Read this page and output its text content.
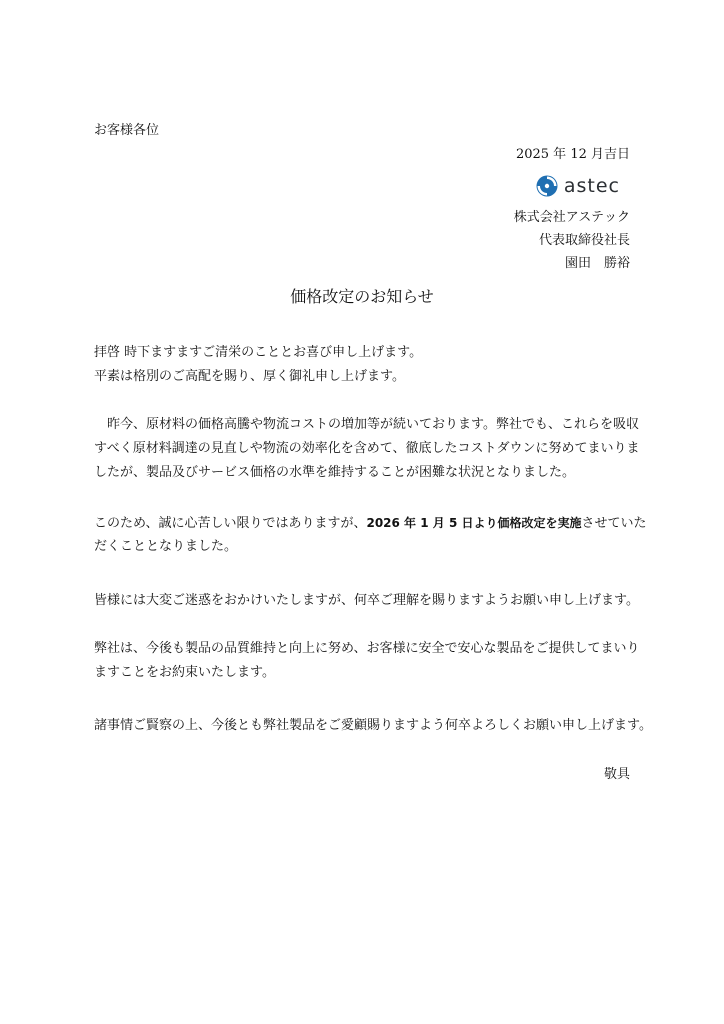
お客様各位
2025 年 12 月吉日
astec
株式会社アステック
代表取締役社長
園田　勝裕
価格改定のお知らせ
拝啓 時下ますますご清栄のこととお喜び申し上げます。
平素は格別のご高配を賜り、厚く御礼申し上げます。
　昨今、原材料の価格高騰や物流コストの増加等が続いております。弊社でも、これらを吸収
すべく原材料調達の見直しや物流の効率化を含めて、徹底したコストダウンに努めてまいりま
したが、製品及びサービス価格の水準を維持することが困難な状況となりました。
このため、誠に心苦しい限りではありますが、2026 年 1 月 5 日より価格改定を実施させていた
だくこととなりました。
皆様には大変ご迷惑をおかけいたしますが、何卒ご理解を賜りますようお願い申し上げます。
弊社は、今後も製品の品質維持と向上に努め、お客様に安全で安心な製品をご提供してまいり
ますことをお約束いたします。
諸事情ご賢察の上、今後とも弊社製品をご愛顧賜りますよう何卒よろしくお願い申し上げます。
敬具
